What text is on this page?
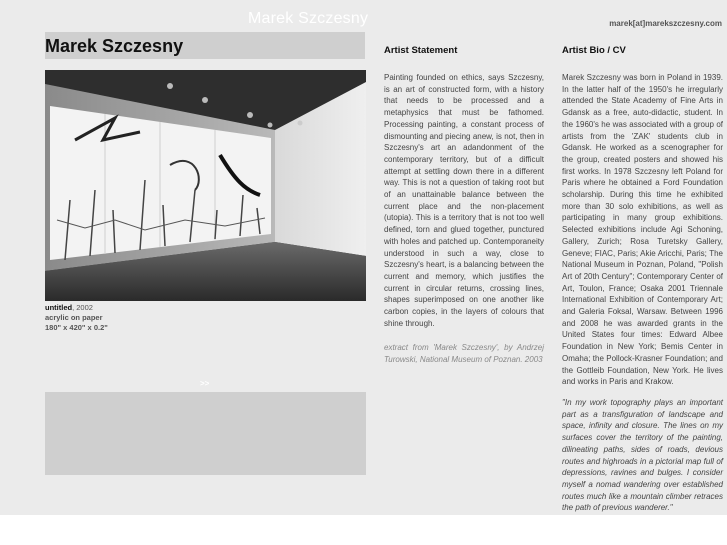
Marek Szczesny	marek[at]marekszczesny.com
Marek Szczesny
untitled, 2002
acrylic on paper
180" x 420" x 0.2"
>>
Artist Statement

Painting founded on ethics, says Szczesny, is an art of constructed form, with a history that needs to be processed and a metaphysics that must be fathomed. Processing painting, a constant process of dismounting and piecing anew, is not, then in Szczesny's art an adandonment of the contemporary territory, but of a difficult attempt at settling down there in a different way. This is not a question of taking root but of an unattainable balance between the current place and the non-placement (utopia). This is a territory that is not too well defined, torn and glued together, punctured with holes and patched up. Contemporaneity understood in such a way, close to Szczesny's heart, is a balancing between the current and memory, which justifies the current in circular returns, crossing lines, shapes superimposed on one another like carbon copies, in the layers of colours that shine through.

extract from 'Marek Szczesny', by Andrzej Turowski, National Museum of Poznan. 2003

Artist Bio / CV

Marek Szczesny was born in Poland in 1939. In the latter half of the 1950's he irregularly attended the State Academy of Fine Arts in Gdansk as a free, auto-didactic, student. In the 1960's he was associated with a group of artists from the 'ZAK' students club in Gdansk. He worked as a scenographer for the group, created posters and showed his first works. In 1978 Szczesny left Poland for Paris where he obtained a Ford Foundation scholarship. During this time he exhibited more than 30 solo exhibitions, as well as participating in many group exhibitions. Selected exhibitions include Agi Schoning, Gallery, Zurich; Rosa Turetsky Gallery, Geneve; FIAC, Paris; Akie Aricchi, Paris; The National Museum in Poznan, Poland, "Polish Art of 20th Century"; Contemporary Center of Art, Toulon, France; Osaka 2001 Triennale International Exhibition of Contemporary Art; and Galeria Foksal, Warsaw. Between 1996 and 2008 he was awarded grants in the United States four times: Edward Albee Foundation in New York; Bemis Center in Omaha; the Pollock-Krasner Foundation; and the Gottleib Foundation, New York. He lives and works in Paris and Krakow.

"In my work topography plays an important part as a transfiguration of landscape and space, infinity and closure. The lines on my surfaces cover the territory of the painting, dilineating paths, sides of roads, devious routes and highroads in a pictorial map full of depressions, ravines and bulges. I consider myself a nomad wandering over established routes much like a mountain climber retraces the path of previous wanderer."
